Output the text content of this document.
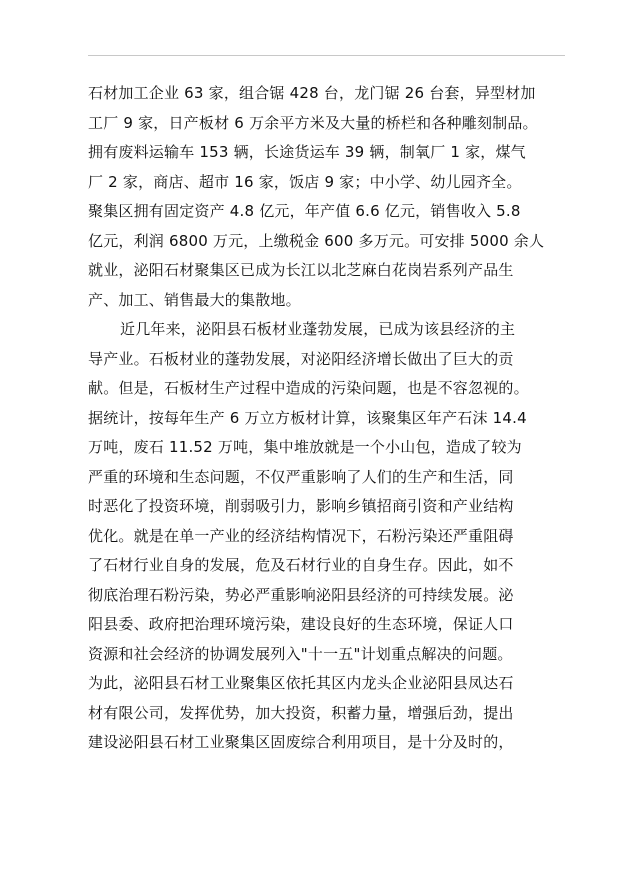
石材加工企业 63 家，组合锯 428 台，龙门锯 26 台套，异型材加
工厂 9 家，日产板材 6 万余平方米及大量的桥栏和各种雕刻制品。
拥有废料运输车 153 辆，长途货运车 39 辆，制氧厂 1 家，煤气
厂 2 家，商店、超市 16 家，饭店 9 家；中小学、幼儿园齐全。
聚集区拥有固定资产 4.8 亿元，年产值 6.6 亿元，销售收入 5.8
亿元，利润 6800 万元，上缴税金 600 多万元。可安排 5000 余人
就业，泌阳石材聚集区已成为长江以北芝麻白花岗岩系列产品生
产、加工、销售最大的集散地。
近几年来，泌阳县石板材业蓬勃发展，已成为该县经济的主
导产业。石板材业的蓬勃发展，对泌阳经济增长做出了巨大的贡
献。但是，石板材生产过程中造成的污染问题，也是不容忽视的。
据统计，按每年生产 6 万立方板材计算，该聚集区年产石沫 14.4
万吨，废石 11.52 万吨，集中堆放就是一个小山包，造成了较为
严重的环境和生态问题，不仅严重影响了人们的生产和生活，同
时恶化了投资环境，削弱吸引力，影响乡镇招商引资和产业结构
优化。就是在单一产业的经济结构情况下，石粉污染还严重阻碍
了石材行业自身的发展，危及石材行业的自身生存。因此，如不
彻底治理石粉污染，势必严重影响泌阳县经济的可持续发展。泌
阳县委、政府把治理环境污染，建设良好的生态环境，保证人口
资源和社会经济的协调发展列入"十一五"计划重点解决的问题。
为此，泌阳县石材工业聚集区依托其区内龙头企业泌阳县凤达石
材有限公司，发挥优势，加大投资，积蓄力量，增强后劲，提出
建设泌阳县石材工业聚集区固废综合利用项目，是十分及时的，
